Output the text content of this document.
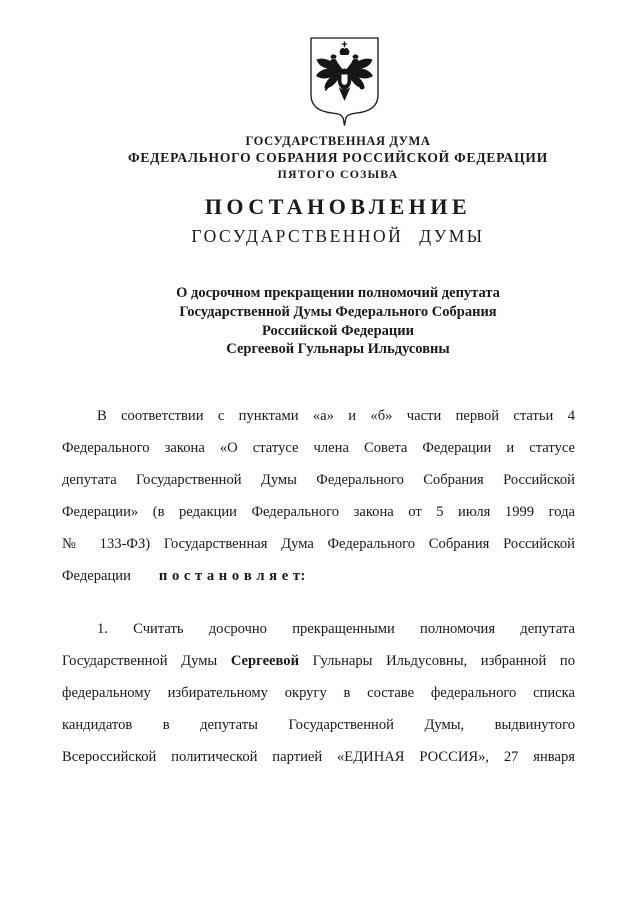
ГОСУДАРСТВЕННАЯ ДУМА
ФЕДЕРАЛЬНОГО СОБРАНИЯ РОССИЙСКОЙ ФЕДЕРАЦИИ
ПЯТОГО СОЗЫВА
ПОСТАНОВЛЕНИЕ
ГОСУДАРСТВЕННОЙ ДУМЫ
О досрочном прекращении полномочий депутата
Государственной Думы Федерального Собрания
Российской Федерации
Сергеевой Гульнары Ильдусовны
В соответствии с пунктами «а» и «б» части первой статьи 4
Федерального закона «О статусе члена Совета Федерации и статусе
депутата Государственной Думы Федерального Собрания Российской
Федерации» (в редакции Федерального закона от 5 июля 1999 года
№ 133-ФЗ) Государственная Дума Федерального Собрания Российской
Федерации п о с т а н о в л я е т:
1. Считать досрочно прекращенными полномочия депутата
Государственной Думы Сергеевой Гульнары Ильдусовны, избранной по
федеральному избирательному округу в составе федерального списка
кандидатов в депутаты Государственной Думы, выдвинутого
Всероссийской политической партией «ЕДИНАЯ РОССИЯ», 27 января
